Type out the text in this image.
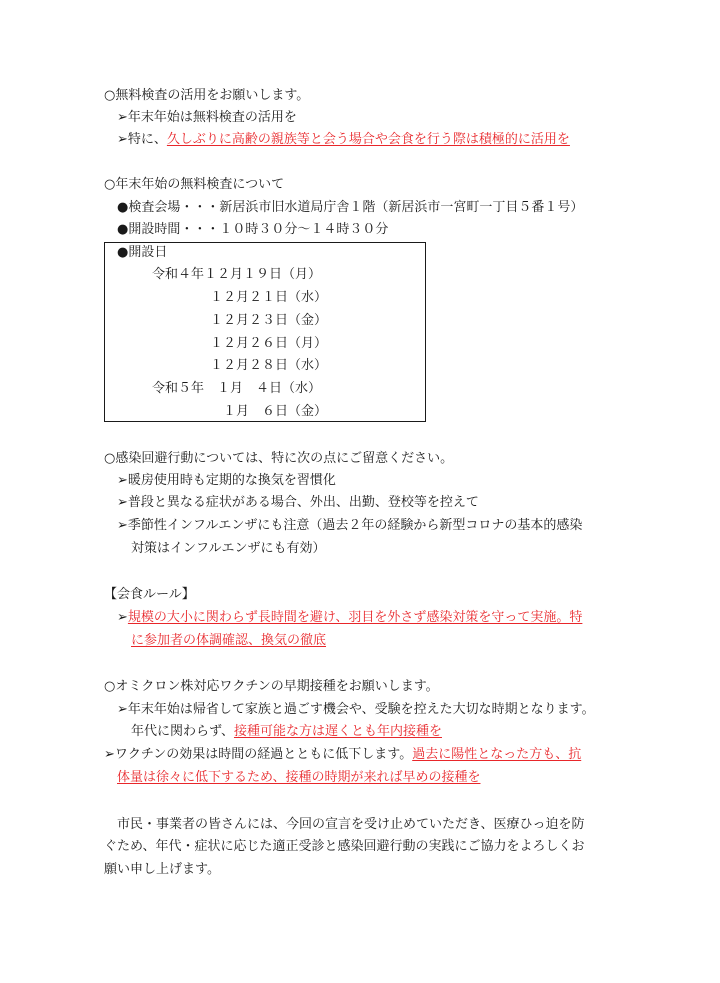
○無料検査の活用をお願いします。
➢年末年始は無料検査の活用を
➢特に、久しぶりに高齢の親族等と会う場合や会食を行う際は積極的に活用を
○年末年始の無料検査について
●検査会場・・・新居浜市旧水道局庁舎１階（新居浜市一宮町一丁目５番１号）
●開設時間・・・１０時３０分～１４時３０分
●開設日
令和４年１２月１９日（月）
１２月２１日（水）
１２月２３日（金）
１２月２６日（月）
１２月２８日（水）
令和５年　１月　４日（水）
１月　６日（金）
○感染回避行動については、特に次の点にご留意ください。
➢暖房使用時も定期的な換気を習慣化
➢普段と異なる症状がある場合、外出、出勤、登校等を控えて
➢季節性インフルエンザにも注意（過去２年の経験から新型コロナの基本的感染
対策はインフルエンザにも有効）
【会食ルール】
➢規模の大小に関わらず長時間を避け、羽目を外さず感染対策を守って実施。特
に参加者の体調確認、換気の徹底
○オミクロン株対応ワクチンの早期接種をお願いします。
➢年末年始は帰省して家族と過ごす機会や、受験を控えた大切な時期となります。
年代に関わらず、接種可能な方は遅くとも年内接種を
➢ワクチンの効果は時間の経過とともに低下します。過去に陽性となった方も、抗
体量は徐々に低下するため、接種の時期が来れば早めの接種を
市民・事業者の皆さんには、今回の宣言を受け止めていただき、医療ひっ迫を防
ぐため、年代・症状に応じた適正受診と感染回避行動の実践にご協力をよろしくお
願い申し上げます。
